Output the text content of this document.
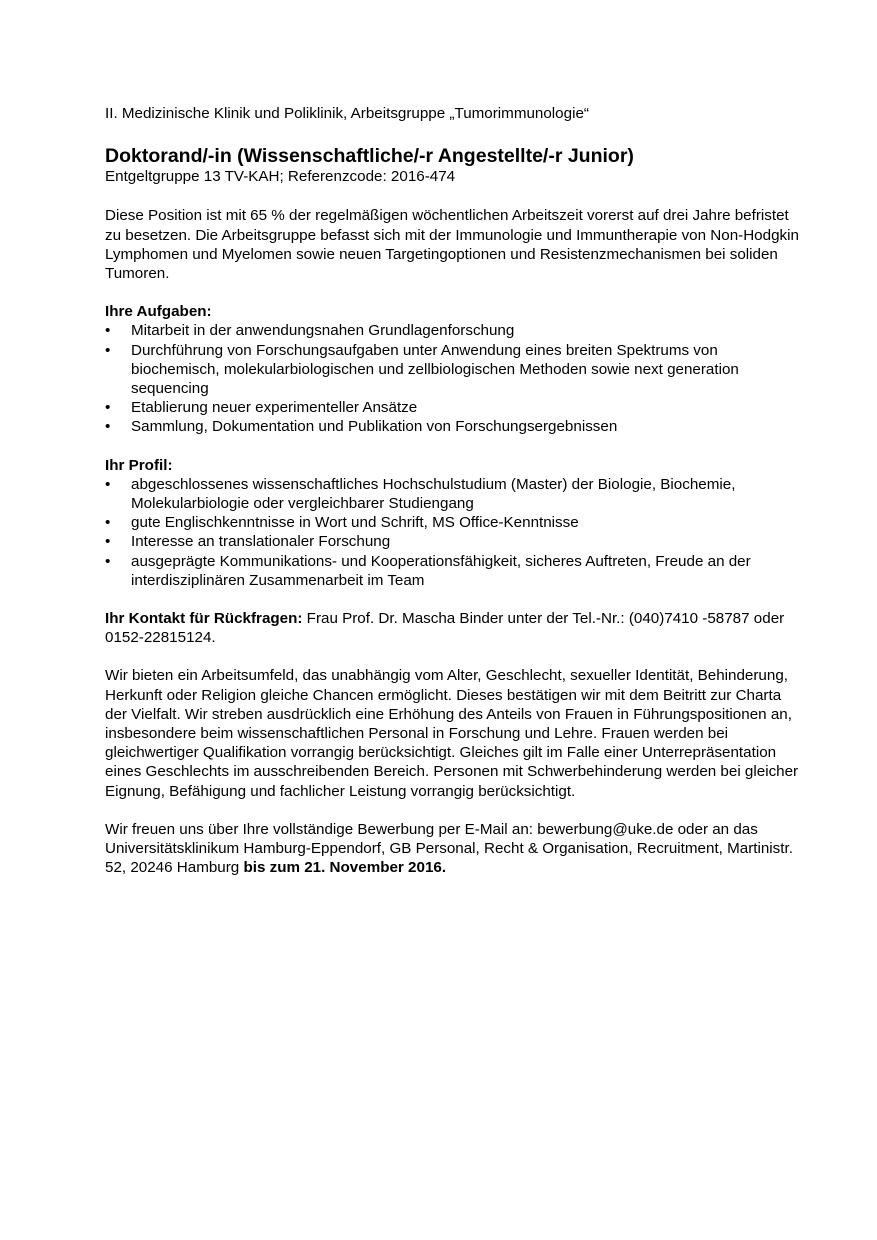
II. Medizinische Klinik und Poliklinik, Arbeitsgruppe „Tumorimmunologie“

Doktorand/-in (Wissenschaftliche/-r Angestellte/-r Junior)

Entgeltgruppe 13 TV-KAH; Referenzcode: 2016-474

Diese Position ist mit 65 % der regelmäßigen wöchentlichen Arbeitszeit vorerst auf drei Jahre befristet zu besetzen. Die Arbeitsgruppe befasst sich mit der Immunologie und Immuntherapie von Non-Hodgkin Lymphomen und Myelomen sowie neuen Targetingoptionen und Resistenzmechanismen bei soliden Tumoren.

Ihre Aufgaben:

•	Mitarbeit in der anwendungsnahen Grundlagenforschung
•	Durchführung von Forschungsaufgaben unter Anwendung eines breiten Spektrums von biochemisch, molekularbiologischen und zellbiologischen Methoden sowie next generation sequencing
•	Etablierung neuer experimenteller Ansätze
•	Sammlung, Dokumentation und Publikation von Forschungsergebnissen

Ihr Profil:

•	abgeschlossenes wissenschaftliches Hochschulstudium (Master) der Biologie, Biochemie, Molekularbiologie oder vergleichbarer Studiengang
•	gute Englischkenntnisse in Wort und Schrift, MS Office-Kenntnisse
•	Interesse an translationaler Forschung
•	ausgeprägte Kommunikations- und Kooperationsfähigkeit, sicheres Auftreten, Freude an der interdisziplinären Zusammenarbeit im Team

Ihr Kontakt für Rückfragen: Frau Prof. Dr. Mascha Binder unter der Tel.-Nr.: (040)7410 -58787 oder 0152-22815124.

Wir bieten ein Arbeitsumfeld, das unabhängig vom Alter, Geschlecht, sexueller Identität, Behinderung, Herkunft oder Religion gleiche Chancen ermöglicht. Dieses bestätigen wir mit dem Beitritt zur Charta der Vielfalt. Wir streben ausdrücklich eine Erhöhung des Anteils von Frauen in Führungspositionen an, insbesondere beim wissenschaftlichen Personal in Forschung und Lehre. Frauen werden bei gleichwertiger Qualifikation vorrangig berücksichtigt. Gleiches gilt im Falle einer Unterrepräsentation eines Geschlechts im ausschreibenden Bereich. Personen mit Schwerbehinderung werden bei gleicher Eignung, Befähigung und fachlicher Leistung vorrangig berücksichtigt.

Wir freuen uns über Ihre vollständige Bewerbung per E-Mail an: bewerbung@uke.de oder an das Universitätsklinikum Hamburg-Eppendorf, GB Personal, Recht & Organisation, Recruitment, Martinistr. 52, 20246 Hamburg bis zum 21. November 2016.
